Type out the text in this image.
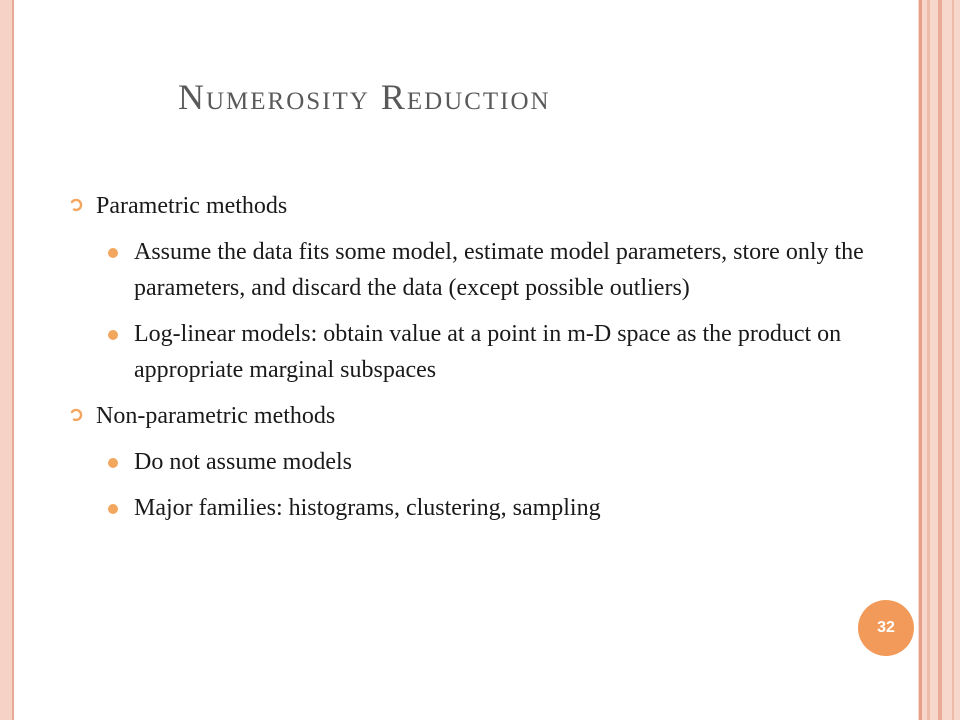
Numerosity Reduction
Parametric methods
Assume the data fits some model, estimate model parameters, store only the parameters, and discard the data (except possible outliers)
Log-linear models: obtain value at a point in m-D space as the product on appropriate marginal subspaces
Non-parametric methods
Do not assume models
Major families: histograms, clustering, sampling
32
